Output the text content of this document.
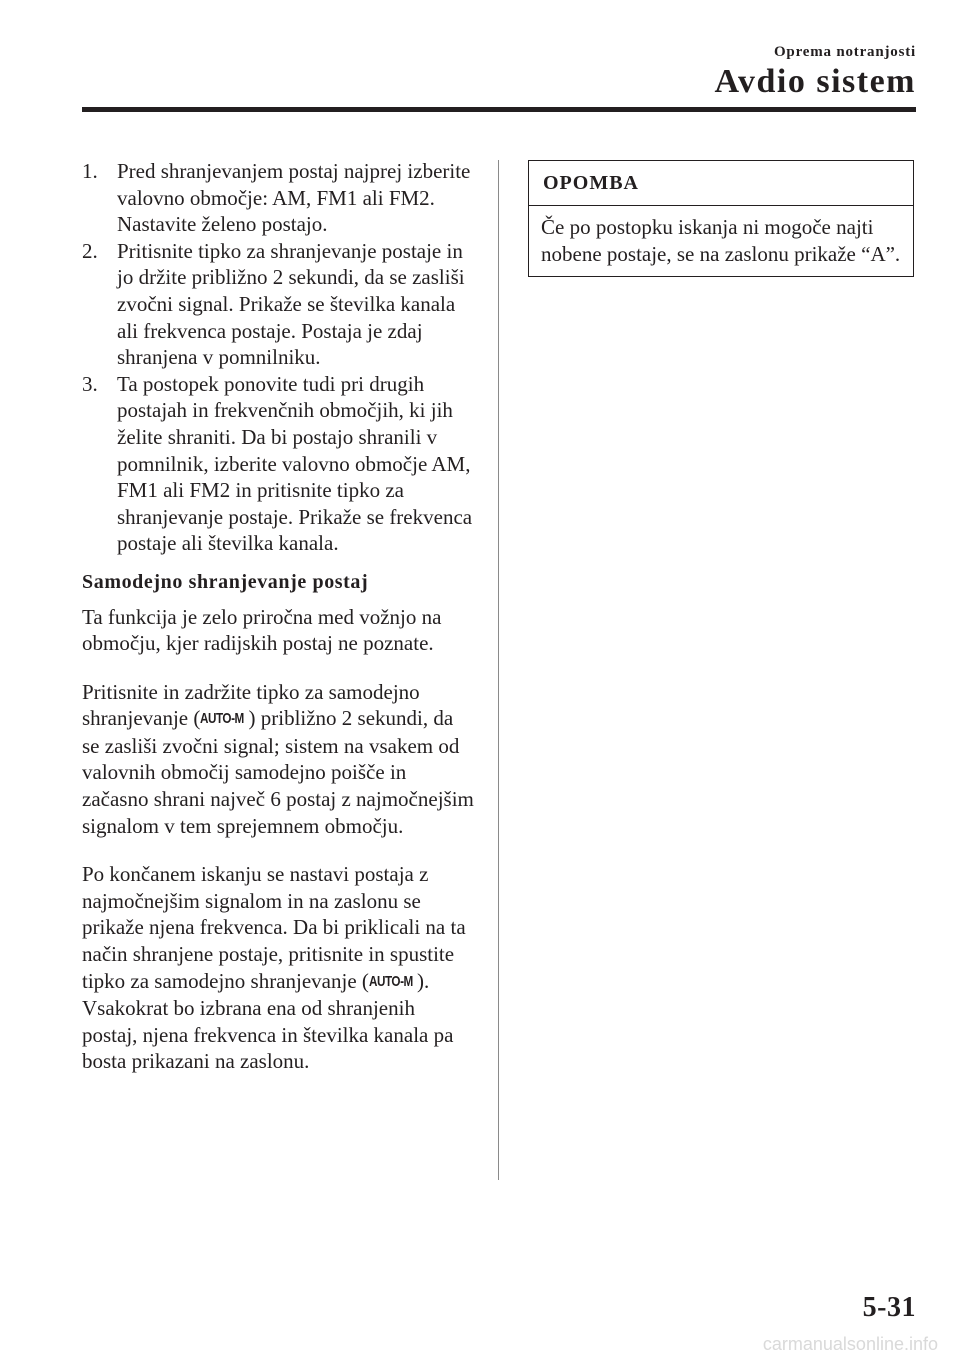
Oprema notranjosti
Avdio sistem
1. Pred shranjevanjem postaj najprej izberite valovno območje: AM, FM1 ali FM2. Nastavite želeno postajo.
2. Pritisnite tipko za shranjevanje postaje in jo držite približno 2 sekundi, da se zasliši zvočni signal. Prikaže se številka kanala ali frekvenca postaje. Postaja je zdaj shranjena v pomnilniku.
3. Ta postopek ponovite tudi pri drugih postajah in frekvenčnih območjih, ki jih želite shraniti. Da bi postajo shranili v pomnilnik, izberite valovno območje AM, FM1 ali FM2 in pritisnite tipko za shranjevanje postaje. Prikaže se frekvenca postaje ali številka kanala.
Samodejno shranjevanje postaj

Ta funkcija je zelo priročna med vožnjo na območju, kjer radijskih postaj ne poznate.

Pritisnite in zadržite tipko za samodejno shranjevanje (AUTO-M ) približno 2 sekundi, da se zasliši zvočni signal; sistem na vsakem od valovnih območij samodejno poišče in začasno shrani največ 6 postaj z najmočnejšim signalom v tem sprejemnem območju.

Po končanem iskanju se nastavi postaja z najmočnejšim signalom in na zaslonu se prikaže njena frekvenca. Da bi priklicali na ta način shranjene postaje, pritisnite in spustite tipko za samodejno shranjevanje (AUTO-M ). Vsakokrat bo izbrana ena od shranjenih postaj, njena frekvenca in številka kanala pa bosta prikazani na zaslonu.

OPOMBA
Če po postopku iskanja ni mogoče najti nobene postaje, se na zaslonu prikaže “A”.
5-31
carmanualsonline.info
